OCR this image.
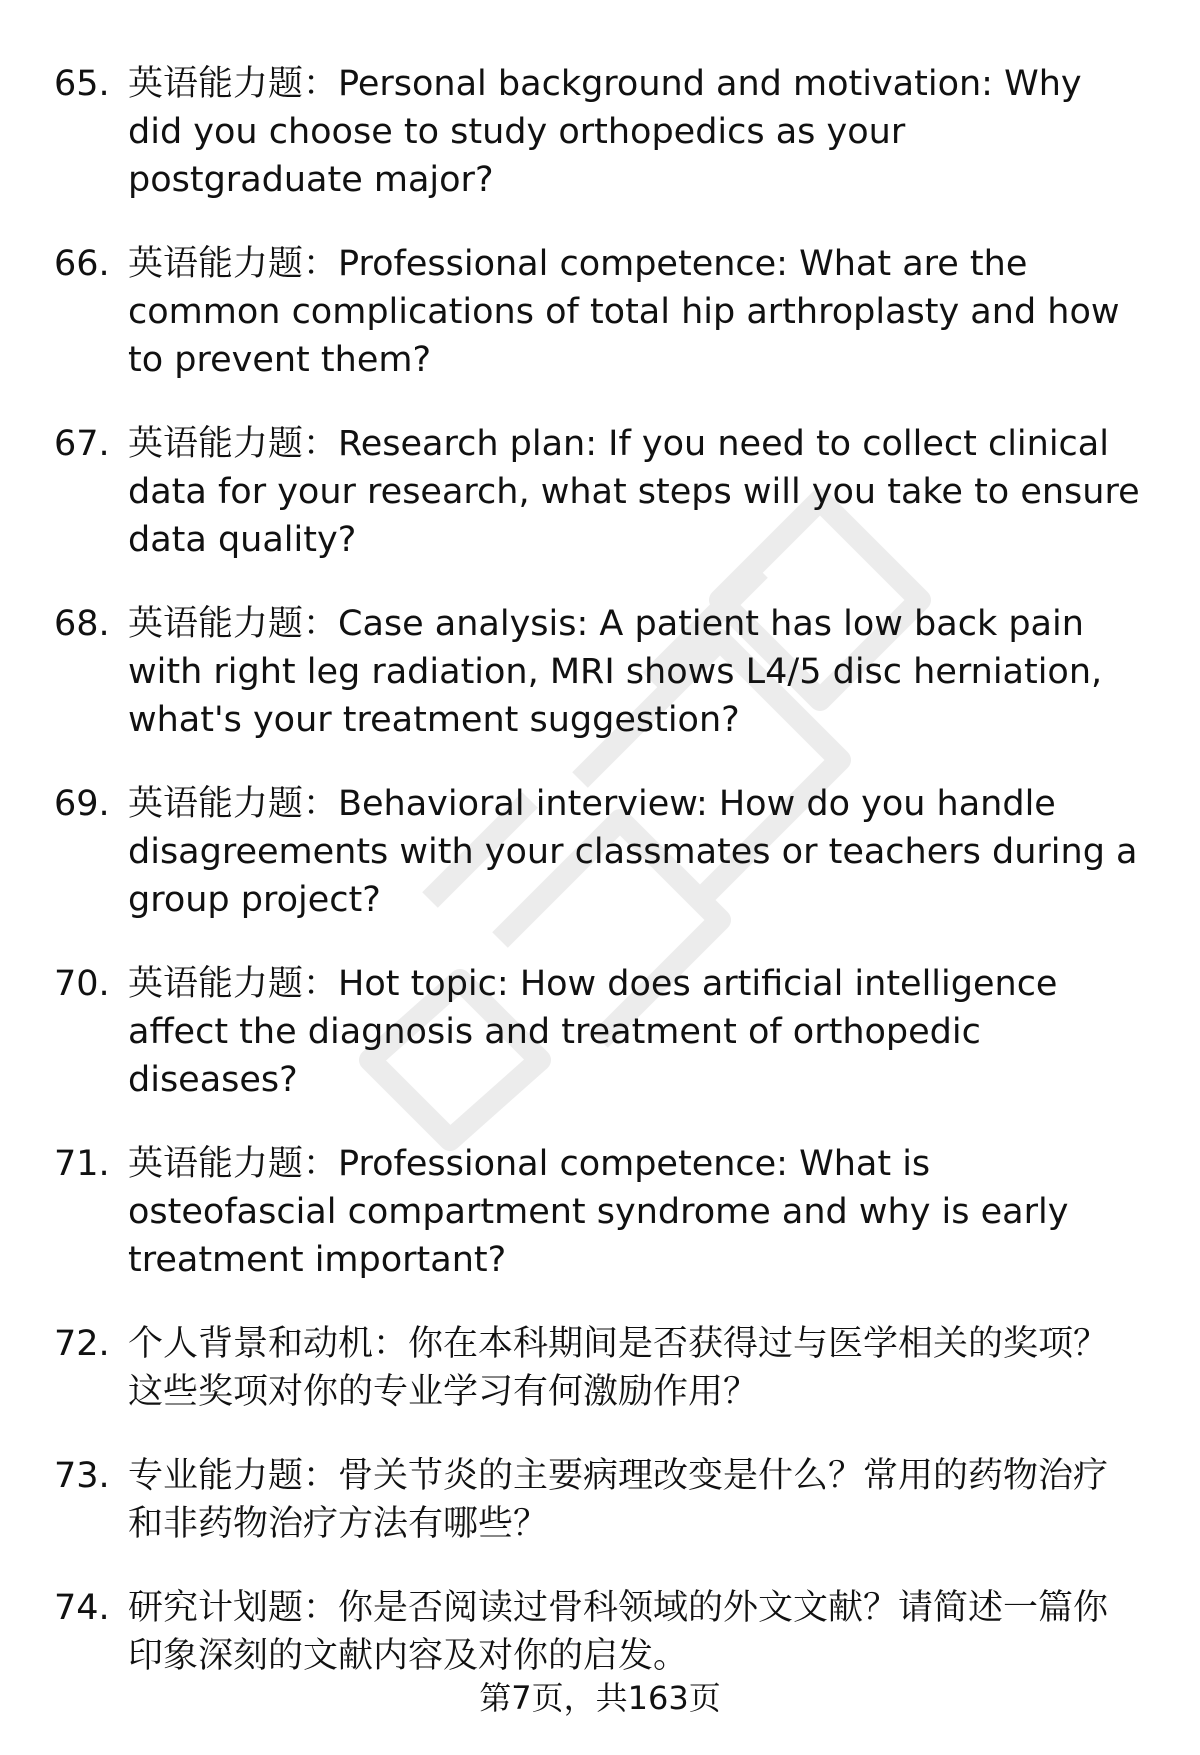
65. 英语能力题：Personal background and motivation: Why did you choose to study orthopedics as your postgraduate major?
66. 英语能力题：Professional competence: What are the common complications of total hip arthroplasty and how to prevent them?
67. 英语能力题：Research plan: If you need to collect clinical data for your research, what steps will you take to ensure data quality?
68. 英语能力题：Case analysis: A patient has low back pain with right leg radiation, MRI shows L4/5 disc herniation, what's your treatment suggestion?
69. 英语能力题：Behavioral interview: How do you handle disagreements with your classmates or teachers during a group project?
70. 英语能力题：Hot topic: How does artificial intelligence affect the diagnosis and treatment of orthopedic diseases?
71. 英语能力题：Professional competence: What is osteofascial compartment syndrome and why is early treatment important?
72. 个人背景和动机：你在本科期间是否获得过与医学相关的奖项？这些奖项对你的专业学习有何激励作用？
73. 专业能力题：骨关节炎的主要病理改变是什么？常用的药物治疗和非药物治疗方法有哪些？
74. 研究计划题：你是否阅读过骨科领域的外文文献？请简述一篇你印象深刻的文献内容及对你的启发。
第7页，共163页
